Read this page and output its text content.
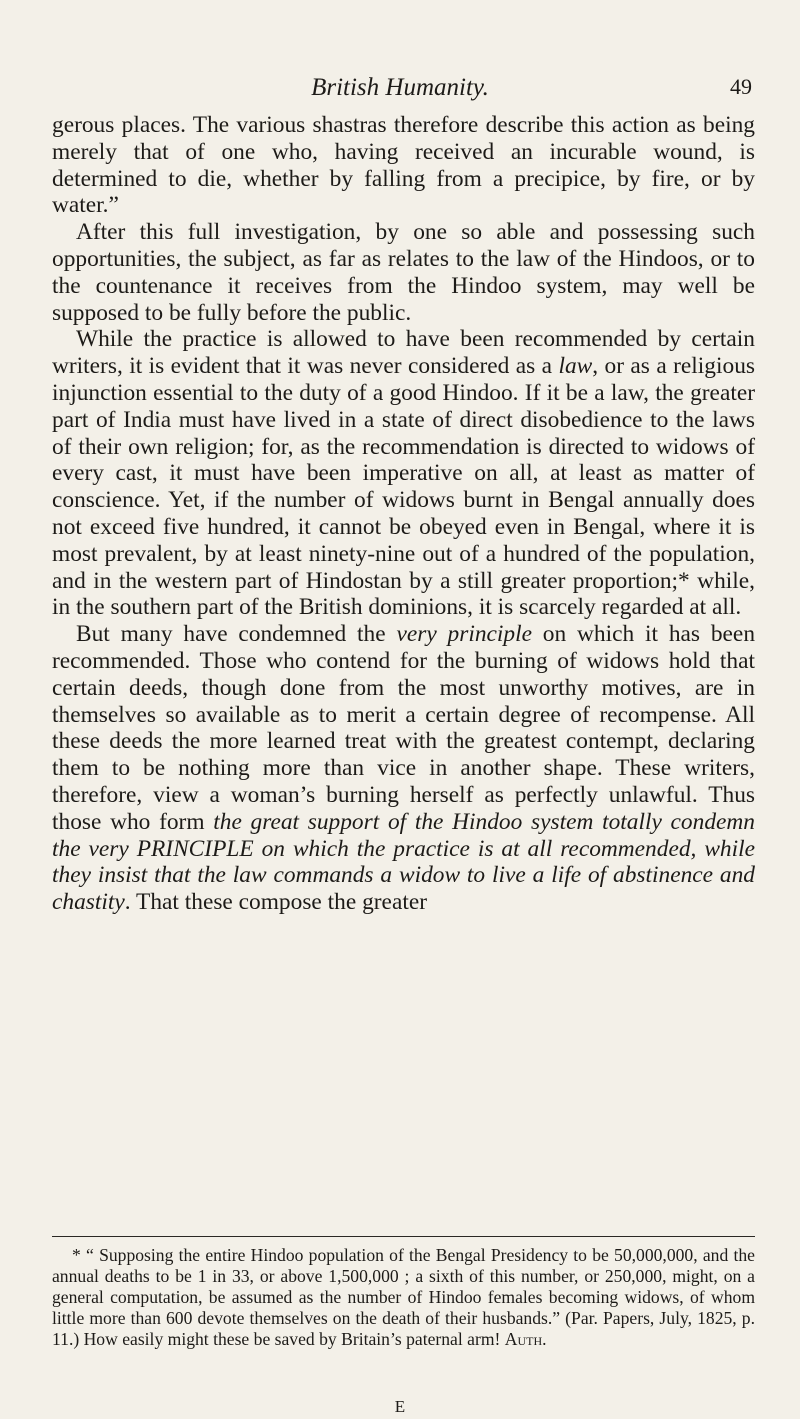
British Humanity.	49

gerous places. The various shastras therefore describe this action as being merely that of one who, having received an incurable wound, is determined to die, whether by falling from a precipice, by fire, or by water.”

After this full investigation, by one so able and possessing such opportunities, the subject, as far as relates to the law of the Hindoos, or to the countenance it receives from the Hindoo system, may well be supposed to be fully before the public.

While the practice is allowed to have been recommended by certain writers, it is evident that it was never considered as a law, or as a religious injunction essential to the duty of a good Hindoo. If it be a law, the greater part of India must have lived in a state of direct disobedience to the laws of their own religion; for, as the recommendation is directed to widows of every cast, it must have been imperative on all, at least as matter of conscience. Yet, if the number of widows burnt in Bengal annually does not exceed five hundred, it cannot be obeyed even in Bengal, where it is most prevalent, by at least ninety-nine out of a hundred of the population, and in the western part of Hindostan by a still greater proportion;* while, in the southern part of the British dominions, it is scarcely regarded at all.

But many have condemned the very principle on which it has been recommended. Those who contend for the burning of widows hold that certain deeds, though done from the most unworthy motives, are in themselves so available as to merit a certain degree of recompense. All these deeds the more learned treat with the greatest contempt, declaring them to be nothing more than vice in another shape. These writers, therefore, view a woman’s burning herself as perfectly unlawful. Thus those who form the great support of the Hindoo system totally condemn the very PRINCIPLE on which the practice is at all recommended, while they insist that the law commands a widow to live a life of abstinence and chastity. That these compose the greater

* “ Supposing the entire Hindoo population of the Bengal Presidency to be 50,000,000, and the annual deaths to be 1 in 33, or above 1,500,000 ; a sixth of this number, or 250,000, might, on a general computation, be assumed as the number of Hindoo females becoming widows, of whom little more than 600 devote themselves on the death of their husbands.” (Par. Papers, July, 1825, p. 11.) How easily might these be saved by Britain’s paternal arm! Auth.
E
